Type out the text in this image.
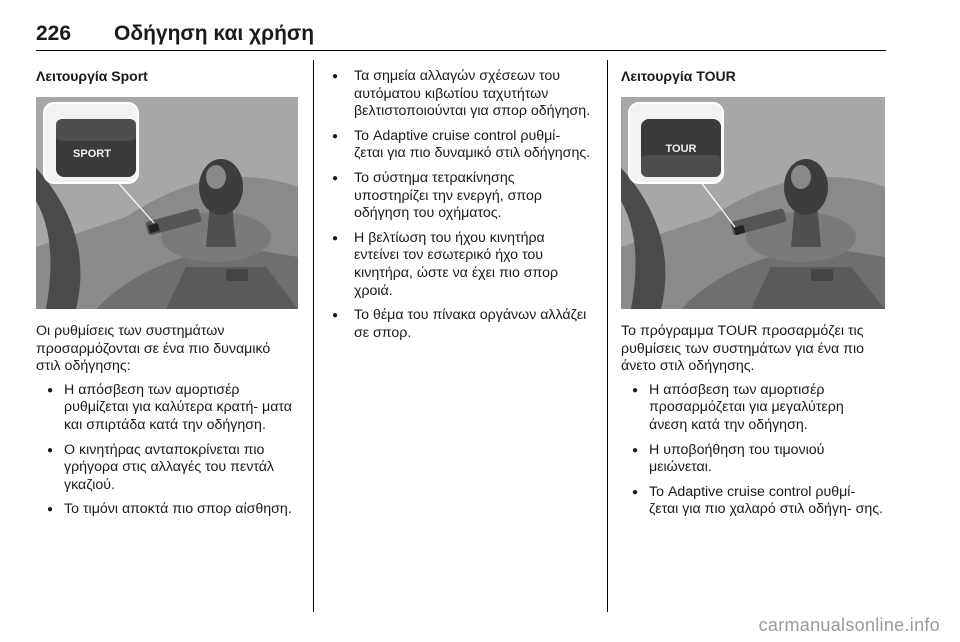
226 Οδήγηση και χρήση
Λειτουργία Sport
SPORT

Οι ρυθμίσεις των συστημάτων προσαρμόζονται σε ένα πιο δυναμικό στιλ οδήγησης:

● Η απόσβεση των αμορτισέρ ρυθμίζεται για καλύτερα κρατή‐ ματα και σπιρτάδα κατά την οδήγηση.
● Ο κινητήρας ανταποκρίνεται πιο γρήγορα στις αλλαγές του πεντάλ γκαζιού.
● Το τιμόνι αποκτά πιο σπορ αίσθηση.
● Τα σημεία αλλαγών σχέσεων του αυτόματου κιβωτίου ταχυτήτων βελτιστοποιούνται για σπορ οδήγηση.
● Το Adaptive cruise control ρυθμί‐ ζεται για πιο δυναμικό στιλ οδήγησης.
● Το σύστημα τετρακίνησης υποστηρίζει την ενεργή, σπορ οδήγηση του οχήματος.
● Η βελτίωση του ήχου κινητήρα εντείνει τον εσωτερικό ήχο του κινητήρα, ώστε να έχει πιο σπορ χροιά.
● Το θέμα του πίνακα οργάνων αλλάζει σε σπορ.
Λειτουργία TOUR
TOUR

Το πρόγραμμα TOUR προσαρμόζει τις ρυθμίσεις των συστημάτων για ένα πιο άνετο στιλ οδήγησης.

● Η απόσβεση των αμορτισέρ προσαρμόζεται για μεγαλύτερη άνεση κατά την οδήγηση.
● Η υποβοήθηση του τιμονιού μειώνεται.
● Το Adaptive cruise control ρυθμί‐ ζεται για πιο χαλαρό στιλ οδήγη‐ σης.
carmanualsonline.info
